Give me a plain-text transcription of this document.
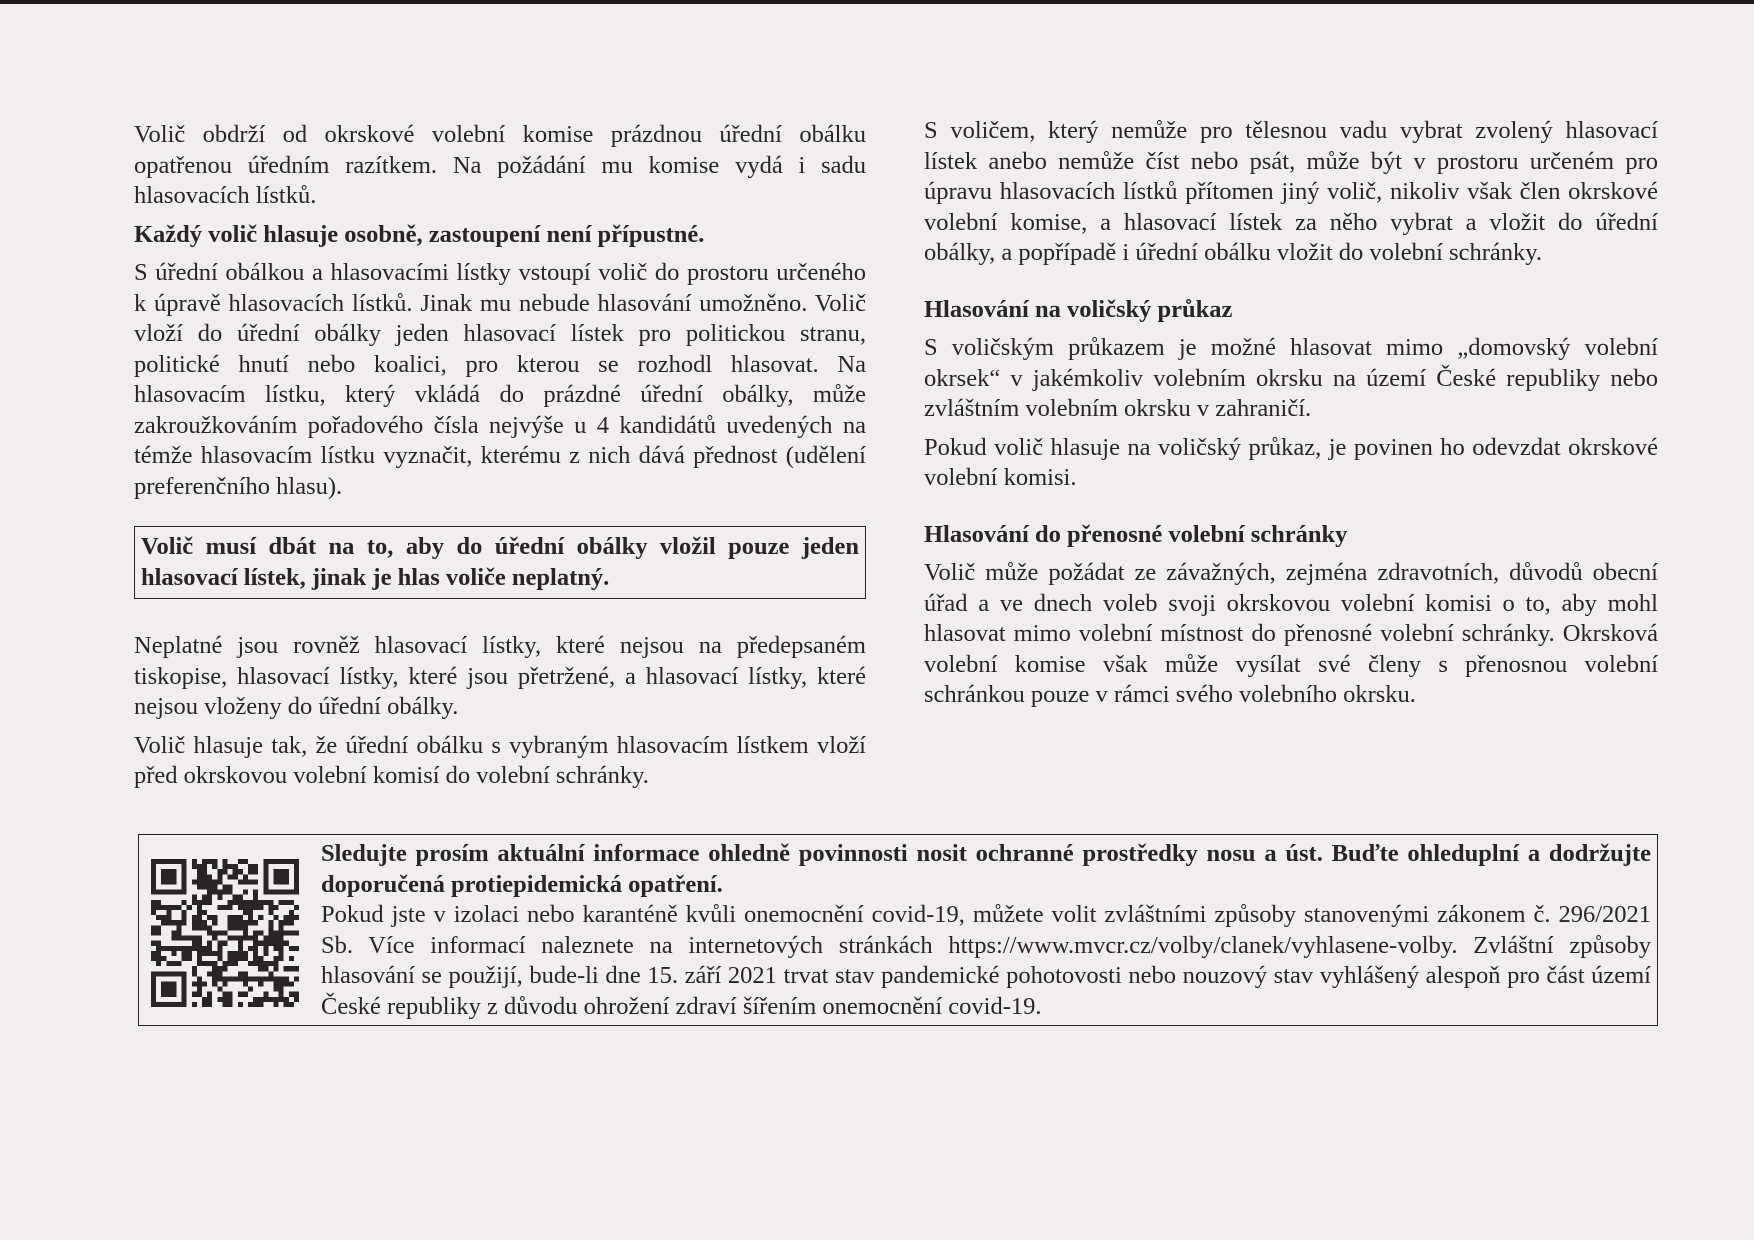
Volič obdrží od okrskové volební komise prázdnou úřední obálku opatřenou úředním razítkem. Na požádání mu komise vydá i sadu hlasovacích lístků.

Každý volič hlasuje osobně, zastoupení není přípustné.

S úřední obálkou a hlasovacími lístky vstoupí volič do prostoru určeného k úpravě hlasovacích lístků. Jinak mu nebude hlasování umožněno. Volič vloží do úřední obálky jeden hlasovací lístek pro politickou stranu, politické hnutí nebo koalici, pro kterou se rozhodl hlasovat. Na hlasovacím lístku, který vkládá do prázdné úřední obálky, může zakroužkováním pořadového čísla nejvýše u 4 kandidátů uvedených na témže hlasovacím lístku vyznačit, kterému z nich dává přednost (udělení preferenčního hlasu).

Volič musí dbát na to, aby do úřední obálky vložil pouze jeden hlasovací lístek, jinak je hlas voliče neplatný.

Neplatné jsou rovněž hlasovací lístky, které nejsou na předepsaném tiskopise, hlasovací lístky, které jsou přetržené, a hlasovací lístky, které nejsou vloženy do úřední obálky.

Volič hlasuje tak, že úřední obálku s vybraným hlasovacím lístkem vloží před okrskovou volební komisí do volební schránky.

S voličem, který nemůže pro tělesnou vadu vybrat zvolený hlasovací lístek anebo nemůže číst nebo psát, může být v prostoru určeném pro úpravu hlasovacích lístků přítomen jiný volič, nikoliv však člen okrskové volební komise, a hlasovací lístek za něho vybrat a vložit do úřední obálky, a popřípadě i úřední obálku vložit do volební schránky.

Hlasování na voličský průkaz

S voličským průkazem je možné hlasovat mimo „domovský volební okrsek“ v jakémkoliv volebním okrsku na území České republiky nebo zvláštním volebním okrsku v zahraničí.

Pokud volič hlasuje na voličský průkaz, je povinen ho odevzdat okrskové volební komisi.

Hlasování do přenosné volební schránky

Volič může požádat ze závažných, zejména zdravotních, důvodů obecní úřad a ve dnech voleb svoji okrskovou volební komisi o to, aby mohl hlasovat mimo volební místnost do přenosné volební schránky. Okrsková volební komise však může vysílat své členy s přenosnou volební schránkou pouze v rámci svého volebního okrsku.

Sledujte prosím aktuální informace ohledně povinnosti nosit ochranné prostředky nosu a úst. Buďte ohleduplní a dodržujte doporučená protiepidemická opatření.

Pokud jste v izolaci nebo karanténě kvůli onemocnění covid-19, můžete volit zvláštními způsoby stanovenými zákonem č. 296/2021 Sb. Více informací naleznete na internetových stránkách https://www.mvcr.cz/volby/clanek/vyhlasene-volby. Zvláštní způsoby hlasování se použijí, bude-li dne 15. září 2021 trvat stav pandemické pohotovosti nebo nouzový stav vyhlášený alespoň pro část území České republiky z důvodu ohrožení zdraví šířením onemocnění covid-19.
